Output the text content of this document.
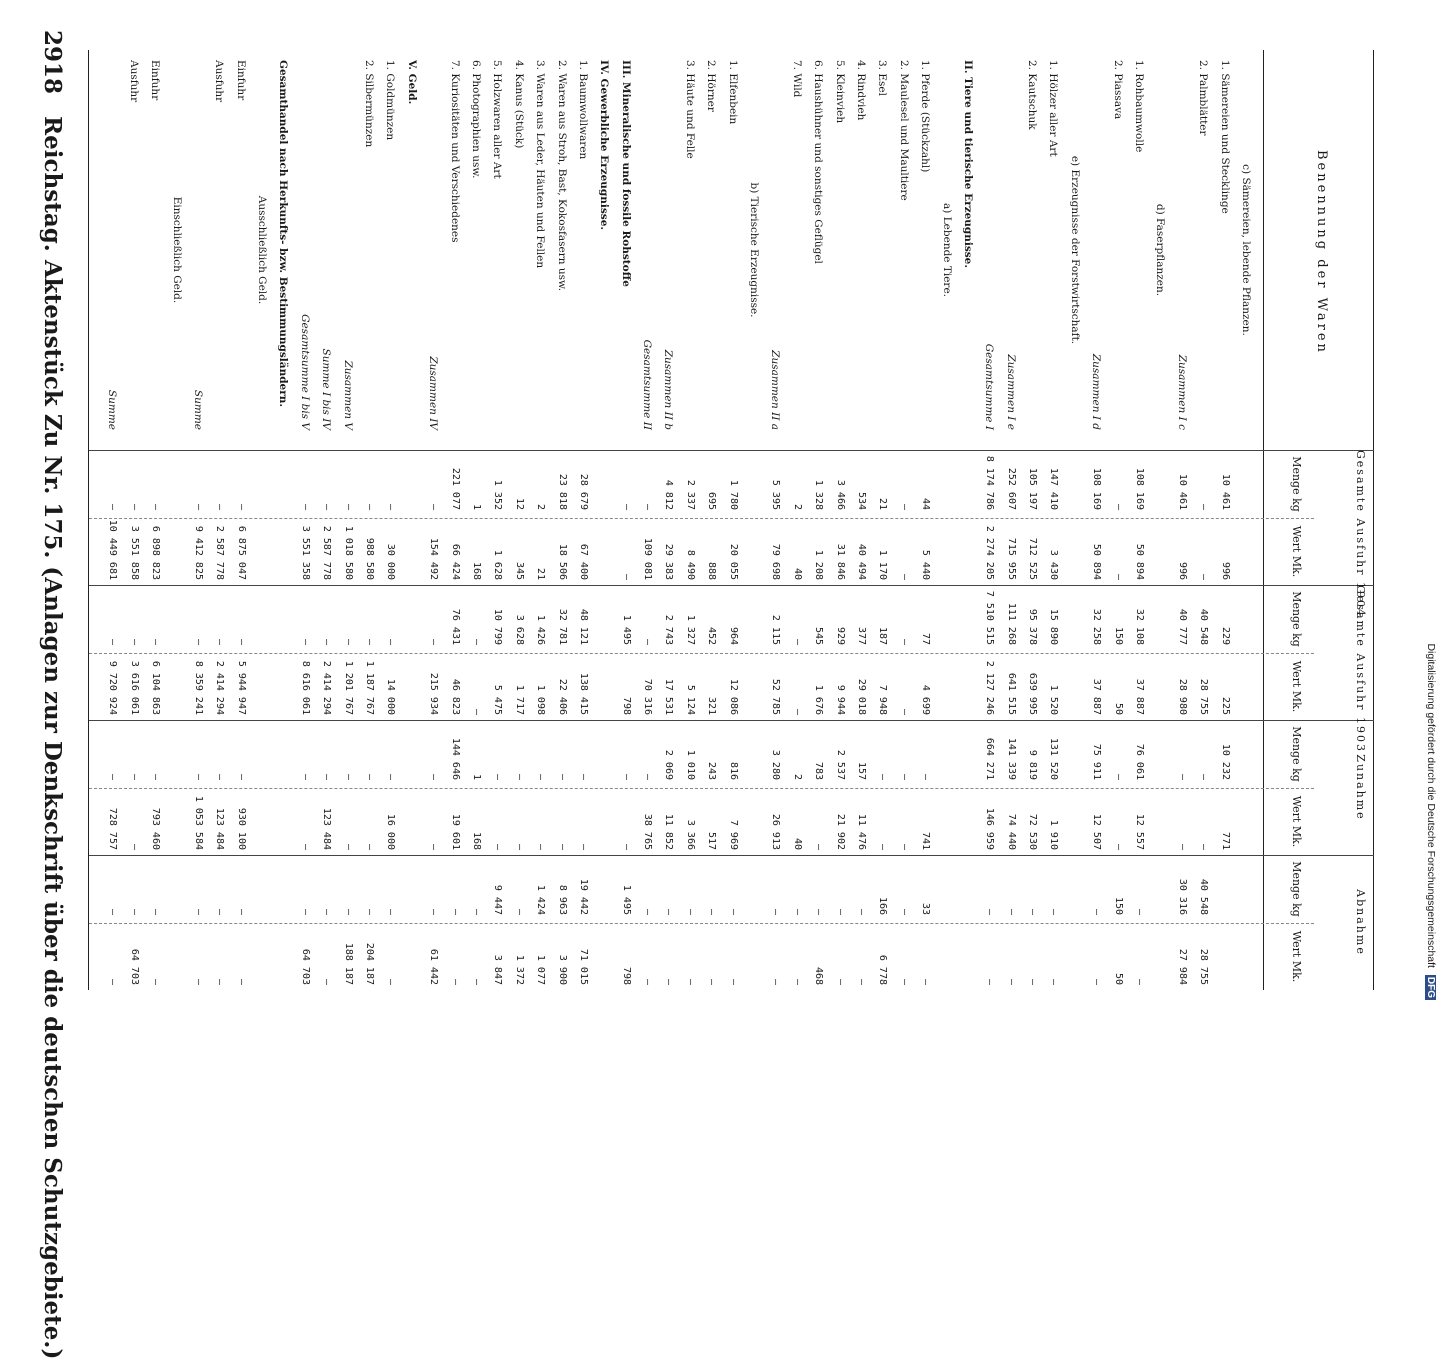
2918 Reichstag. Aktenstück Zu Nr. 175. (Anlagen zur Denkschrift über die deutschen Schutzgebiete.)	Benennung der Waren
Gesamte Ausfuhr 1904
Gesamte Ausfuhr 1903
Zunahme
Abnahme
Menge kg
Wert Mk.
Menge kg
Wert Mk.
Menge kg
Wert Mk.
Menge kg
Wert Mk.
c) Sämereien, lebende Pflanzen.
1. Sämereien und Stecklinge
10 461
996
229
225
10 232
771
2. Palmblätter
—
—
40 548
28 755
—
—
40 548
28 755
Zusammen I c
10 461
996
40 777
28 980
—
—
30 316
27 984
d) Faserpflanzen.
1. Rohbaumwolle
108 169
50 894
32 108
37 887
76 061
12 557
—
—
2. Piassava
—
—
150
50
—
—
150
50
Zusammen I d
108 169
50 894
32 258
37 887
75 911
12 507
—
—
e) Erzeugnisse der Forstwirtschaft.
1. Hölzer aller Art
147 410
3 430
15 890
1 520
131 520
1 910
—
—
2. Kautschuk
105 197
712 525
95 378
639 995
9 819
72 530
—
—
Zusammen I e
252 607
715 955
111 268
641 515
141 339
74 440
—
—
Gesamtsumme I
8 174 786
2 274 205
7 510 515
2 127 246
664 271
146 959
—
—
II. Tiere und tierische Erzeugnisse.
a) Lebende Tiere.
1. Pferde (Stückzahl)
44
5 440
77
4 699
—
741
33
—
2. Maulesel und Maultiere
—
—
—
—
—
—
—
—
3. Esel
21
1 170
187
7 948
—
—
166
6 778
4. Rindvieh
534
40 494
377
29 018
157
11 476
—
—
5. Kleinvieh
3 466
31 846
929
9 944
2 537
21 902
—
—
6. Haushühner und sonstiges Geflügel
1 328
1 208
545
1 676
783
—
—
468
7. Wild
2
40
—
—
2
40
—
—
Zusammen II a
5 395
79 698
2 115
52 785
3 280
26 913
—
—
b) Tierische Erzeugnisse.
1. Elfenbein
1 780
20 055
964
12 086
816
7 969
—
—
2. Hörner
695
888
452
321
243
517
—
—
3. Häute und Felle
2 337
8 490
1 327
5 124
1 010
3 366
—
—
Zusammen II b
4 812
29 383
2 743
17 531
2 069
11 852
—
—
Gesamtsumme II
—
109 081
—
70 316
—
38 765
—
—
III. Mineralische und fossile Rohstoffe
—
—
1 495
798
—
—
1 495
798
IV. Gewerbliche Erzeugnisse.
1. Baumwollwaren
28 679
67 400
48 121
138 415
—
—
19 442
71 015
2. Waren aus Stroh, Bast, Kokosfasern usw.
23 818
18 506
32 781
22 406
—
—
8 963
3 900
3. Waren aus Leder, Häuten und Fellen
2
21
1 426
1 098
—
—
1 424
1 077
4. Kanus (Stück)
12
345
3 628
1 717
—
—
—
1 372
5. Holzwaren aller Art
1 352
1 628
10 799
5 475
—
—
9 447
3 847
6. Photographien usw.
1
168
—
—
1
168
—
—
7. Kuriositäten und Verschiedenes
221 077
66 424
76 431
46 823
144 646
19 601
—
—
Zusammen IV
—
154 492
—
215 934
—
—
—
61 442
V. Geld.
1. Goldmünzen
—
30 000
—
14 000
—
16 000
—
—
2. Silbermünzen
—
988 580
—
1 187 767
—
—
—
204 187
Zusammen V
—
1 018 580
—
1 201 767
—
—
—
188 187
Summe I bis IV
—
2 587 778
—
2 414 294
—
123 484
—
—
Gesamtsumme I bis V
—
3 551 358
—
8 616 061
—
—
—
64 703
Gesamthandel nach Herkunfts- bzw. Bestimmungsländern.
Ausschließlich Geld.
Einfuhr
—
6 875 047
—
5 944 947
—
930 100
—
—
Ausfuhr
—
2 587 778
—
2 414 294
—
123 484
—
—
Summe
—
9 412 825
—
8 359 241
—
1 053 584
—
—
Einschließlich Geld.
Einfuhr
—
6 898 823
—
6 104 863
—
793 460
—
—
Ausfuhr
—
3 551 858
—
3 616 061
—
—
—
64 703
Summe
—
10 449 681
—
9 720 924
—
728 757
—
—
Digitalisierung gefördert durch die Deutsche Forschungsgemeinschaft DFG
